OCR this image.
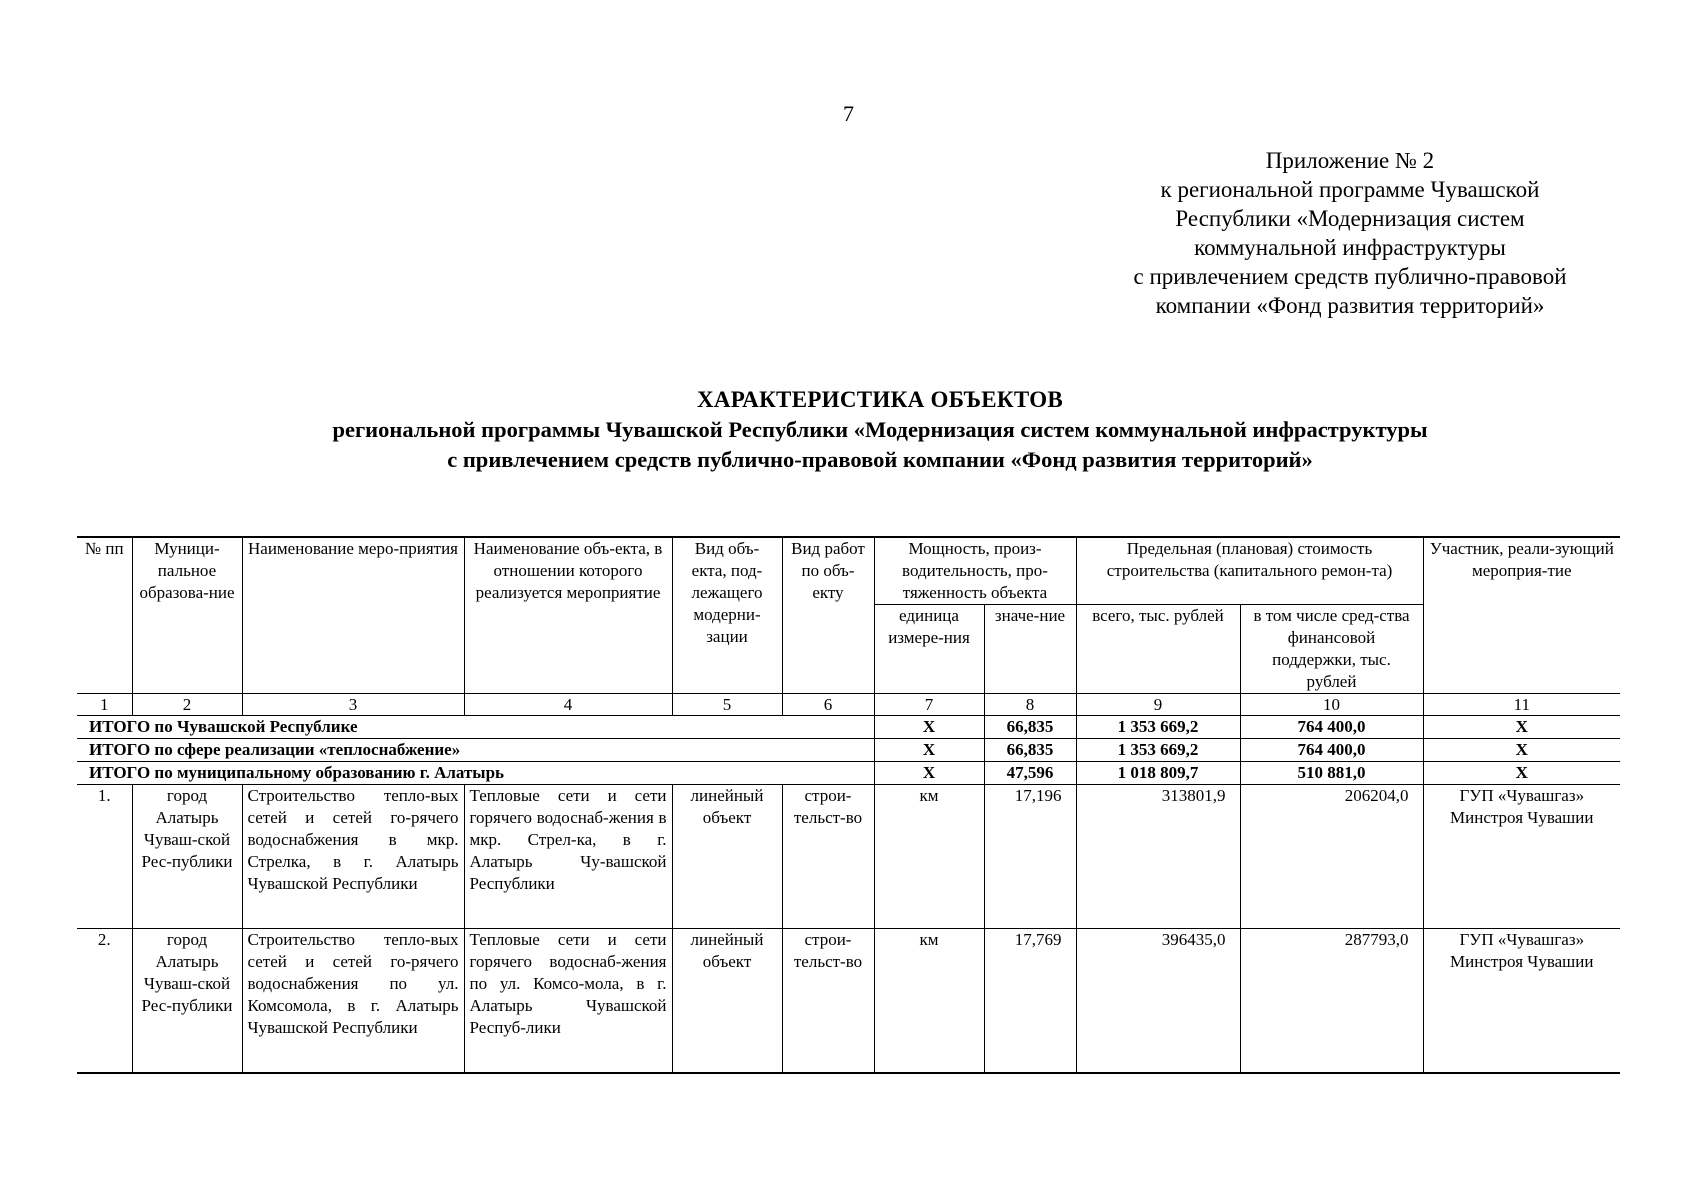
7
Приложение № 2
к региональной программе Чувашской
Республики «Модернизация систем
коммунальной инфраструктуры
с привлечением средств публично-правовой
компании «Фонд развития территорий»
ХАРАКТЕРИСТИКА ОБЪЕКТОВ
региональной программы Чувашской Республики «Модернизация систем коммунальной инфраструктуры
с привлечением средств публично-правовой компании «Фонд развития территорий»
№ пп	Муници-пальное образова-ние	Наименование меро-приятия	Наименование объ-екта, в отношении которого реализуется мероприятие	Вид объ-екта, под-лежащего модерни-зации	Вид работ по объ-екту	Мощность, произ-водительность, про-тяженность объекта		Предельная (плановая) стоимость строительства (капитального ремон-та)		Участник, реали-зующий мероприя-тие
						единица измере-ния	значе-ние	всего, тыс. рублей	в том числе сред-ства финансовой поддержки, тыс. рублей	
1	2	3	4	5	6	7	8	9	10	11
ИТОГО по Чувашской Республике						Х	66,835	1 353 669,2	764 400,0	Х
ИТОГО по сфере реализации «теплоснабжение»						Х	66,835	1 353 669,2	764 400,0	Х
ИТОГО по муниципальному образованию г. Алатырь						Х	47,596	1 018 809,7	510 881,0	Х
1.	город Алатырь Чуваш-ской Рес-публики	Строительство тепло-вых сетей и сетей го-рячего водоснабжения в мкр. Стрелка, в г. Алатырь Чувашской Республики	Тепловые сети и сети горячего водоснаб-жения в мкр. Стрел-ка, в г. Алатырь Чу-вашской Республики	линейный объект	строи-тельст-во	км	17,196	313801,9	206204,0	ГУП «Чувашгаз» Минстроя Чувашии
2.	город Алатырь Чуваш-ской Рес-публики	Строительство тепло-вых сетей и сетей го-рячего водоснабжения по ул. Комсомола, в г. Алатырь Чувашской Республики	Тепловые сети и сети горячего водоснаб-жения по ул. Комсо-мола, в г. Алатырь Чувашской Респуб-лики	линейный объект	строи-тельст-во	км	17,769	396435,0	287793,0	ГУП «Чувашгаз» Минстроя Чувашии
